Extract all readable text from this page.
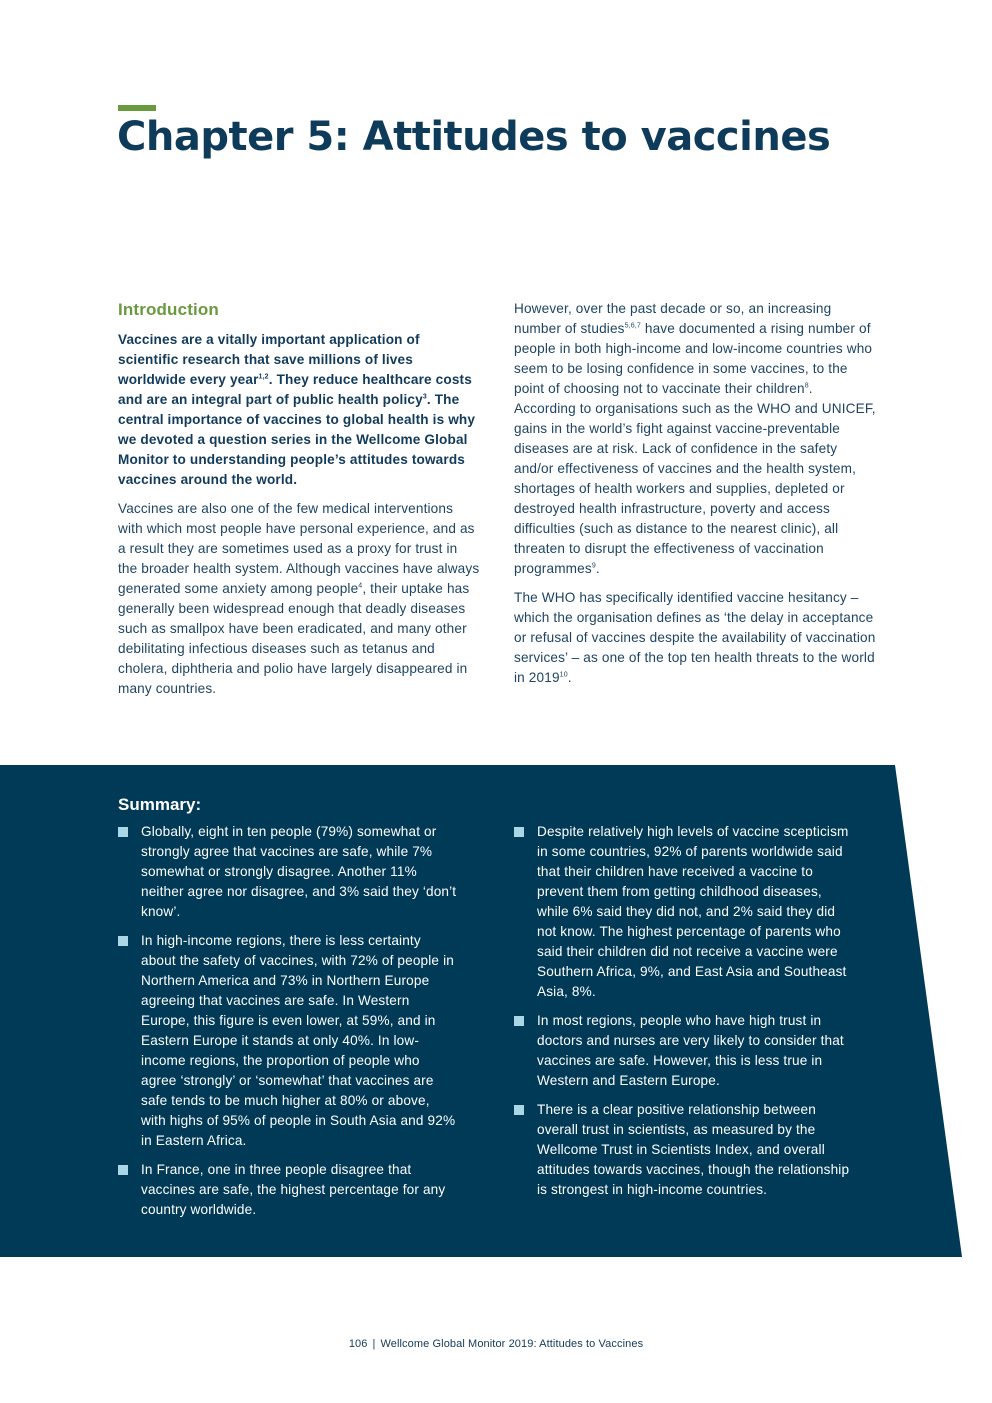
Chapter 5: Attitudes to vaccines
Introduction

Vaccines are a vitally important application of scientific research that save millions of lives worldwide every year$^{1,2}$. They reduce healthcare costs and are an integral part of public health policy$^3$. The central importance of vaccines to global health is why we devoted a question series in the Wellcome Global Monitor to understanding people’s attitudes towards vaccines around the world.

Vaccines are also one of the few medical interventions with which most people have personal experience, and as a result they are sometimes used as a proxy for trust in the broader health system. Although vaccines have always generated some anxiety among people$^4$, their uptake has generally been widespread enough that deadly diseases such as smallpox have been eradicated, and many other debilitating infectious diseases such as tetanus and cholera, diphtheria and polio have largely disappeared in many countries.

However, over the past decade or so, an increasing number of studies$^{5,6,7}$ have documented a rising number of people in both high-income and low-income countries who seem to be losing confidence in some vaccines, to the point of choosing not to vaccinate their children$^8$. According to organisations such as the WHO and UNICEF, gains in the world’s fight against vaccine-preventable diseases are at risk. Lack of confidence in the safety and/or effectiveness of vaccines and the health system, shortages of health workers and supplies, depleted or destroyed health infrastructure, poverty and access difficulties (such as distance to the nearest clinic), all threaten to disrupt the effectiveness of vaccination programmes$^9$.

The WHO has specifically identified vaccine hesitancy – which the organisation defines as ‘the delay in acceptance or refusal of vaccines despite the availability of vaccination services’ – as one of the top ten health threats to the world in 2019$^{10}$.

Summary:
Globally, eight in ten people (79%) somewhat or strongly agree that vaccines are safe, while 7% somewhat or strongly disagree. Another 11% neither agree nor disagree, and 3% said they ‘don’t know’.
In high-income regions, there is less certainty about the safety of vaccines, with 72% of people in Northern America and 73% in Northern Europe agreeing that vaccines are safe. In Western Europe, this figure is even lower, at 59%, and in Eastern Europe it stands at only 40%. In low-income regions, the proportion of people who agree ‘strongly’ or ‘somewhat’ that vaccines are safe tends to be much higher at 80% or above, with highs of 95% of people in South Asia and 92% in Eastern Africa.
In France, one in three people disagree that vaccines are safe, the highest percentage for any country worldwide.
Despite relatively high levels of vaccine scepticism in some countries, 92% of parents worldwide said that their children have received a vaccine to prevent them from getting childhood diseases, while 6% said they did not, and 2% said they did not know. The highest percentage of parents who said their children did not receive a vaccine were Southern Africa, 9%, and East Asia and Southeast Asia, 8%.
In most regions, people who have high trust in doctors and nurses are very likely to consider that vaccines are safe. However, this is less true in Western and Eastern Europe.
There is a clear positive relationship between overall trust in scientists, as measured by the Wellcome Trust in Scientists Index, and overall attitudes towards vaccines, though the relationship is strongest in high-income countries.
106 | Wellcome Global Monitor 2019: Attitudes to Vaccines
